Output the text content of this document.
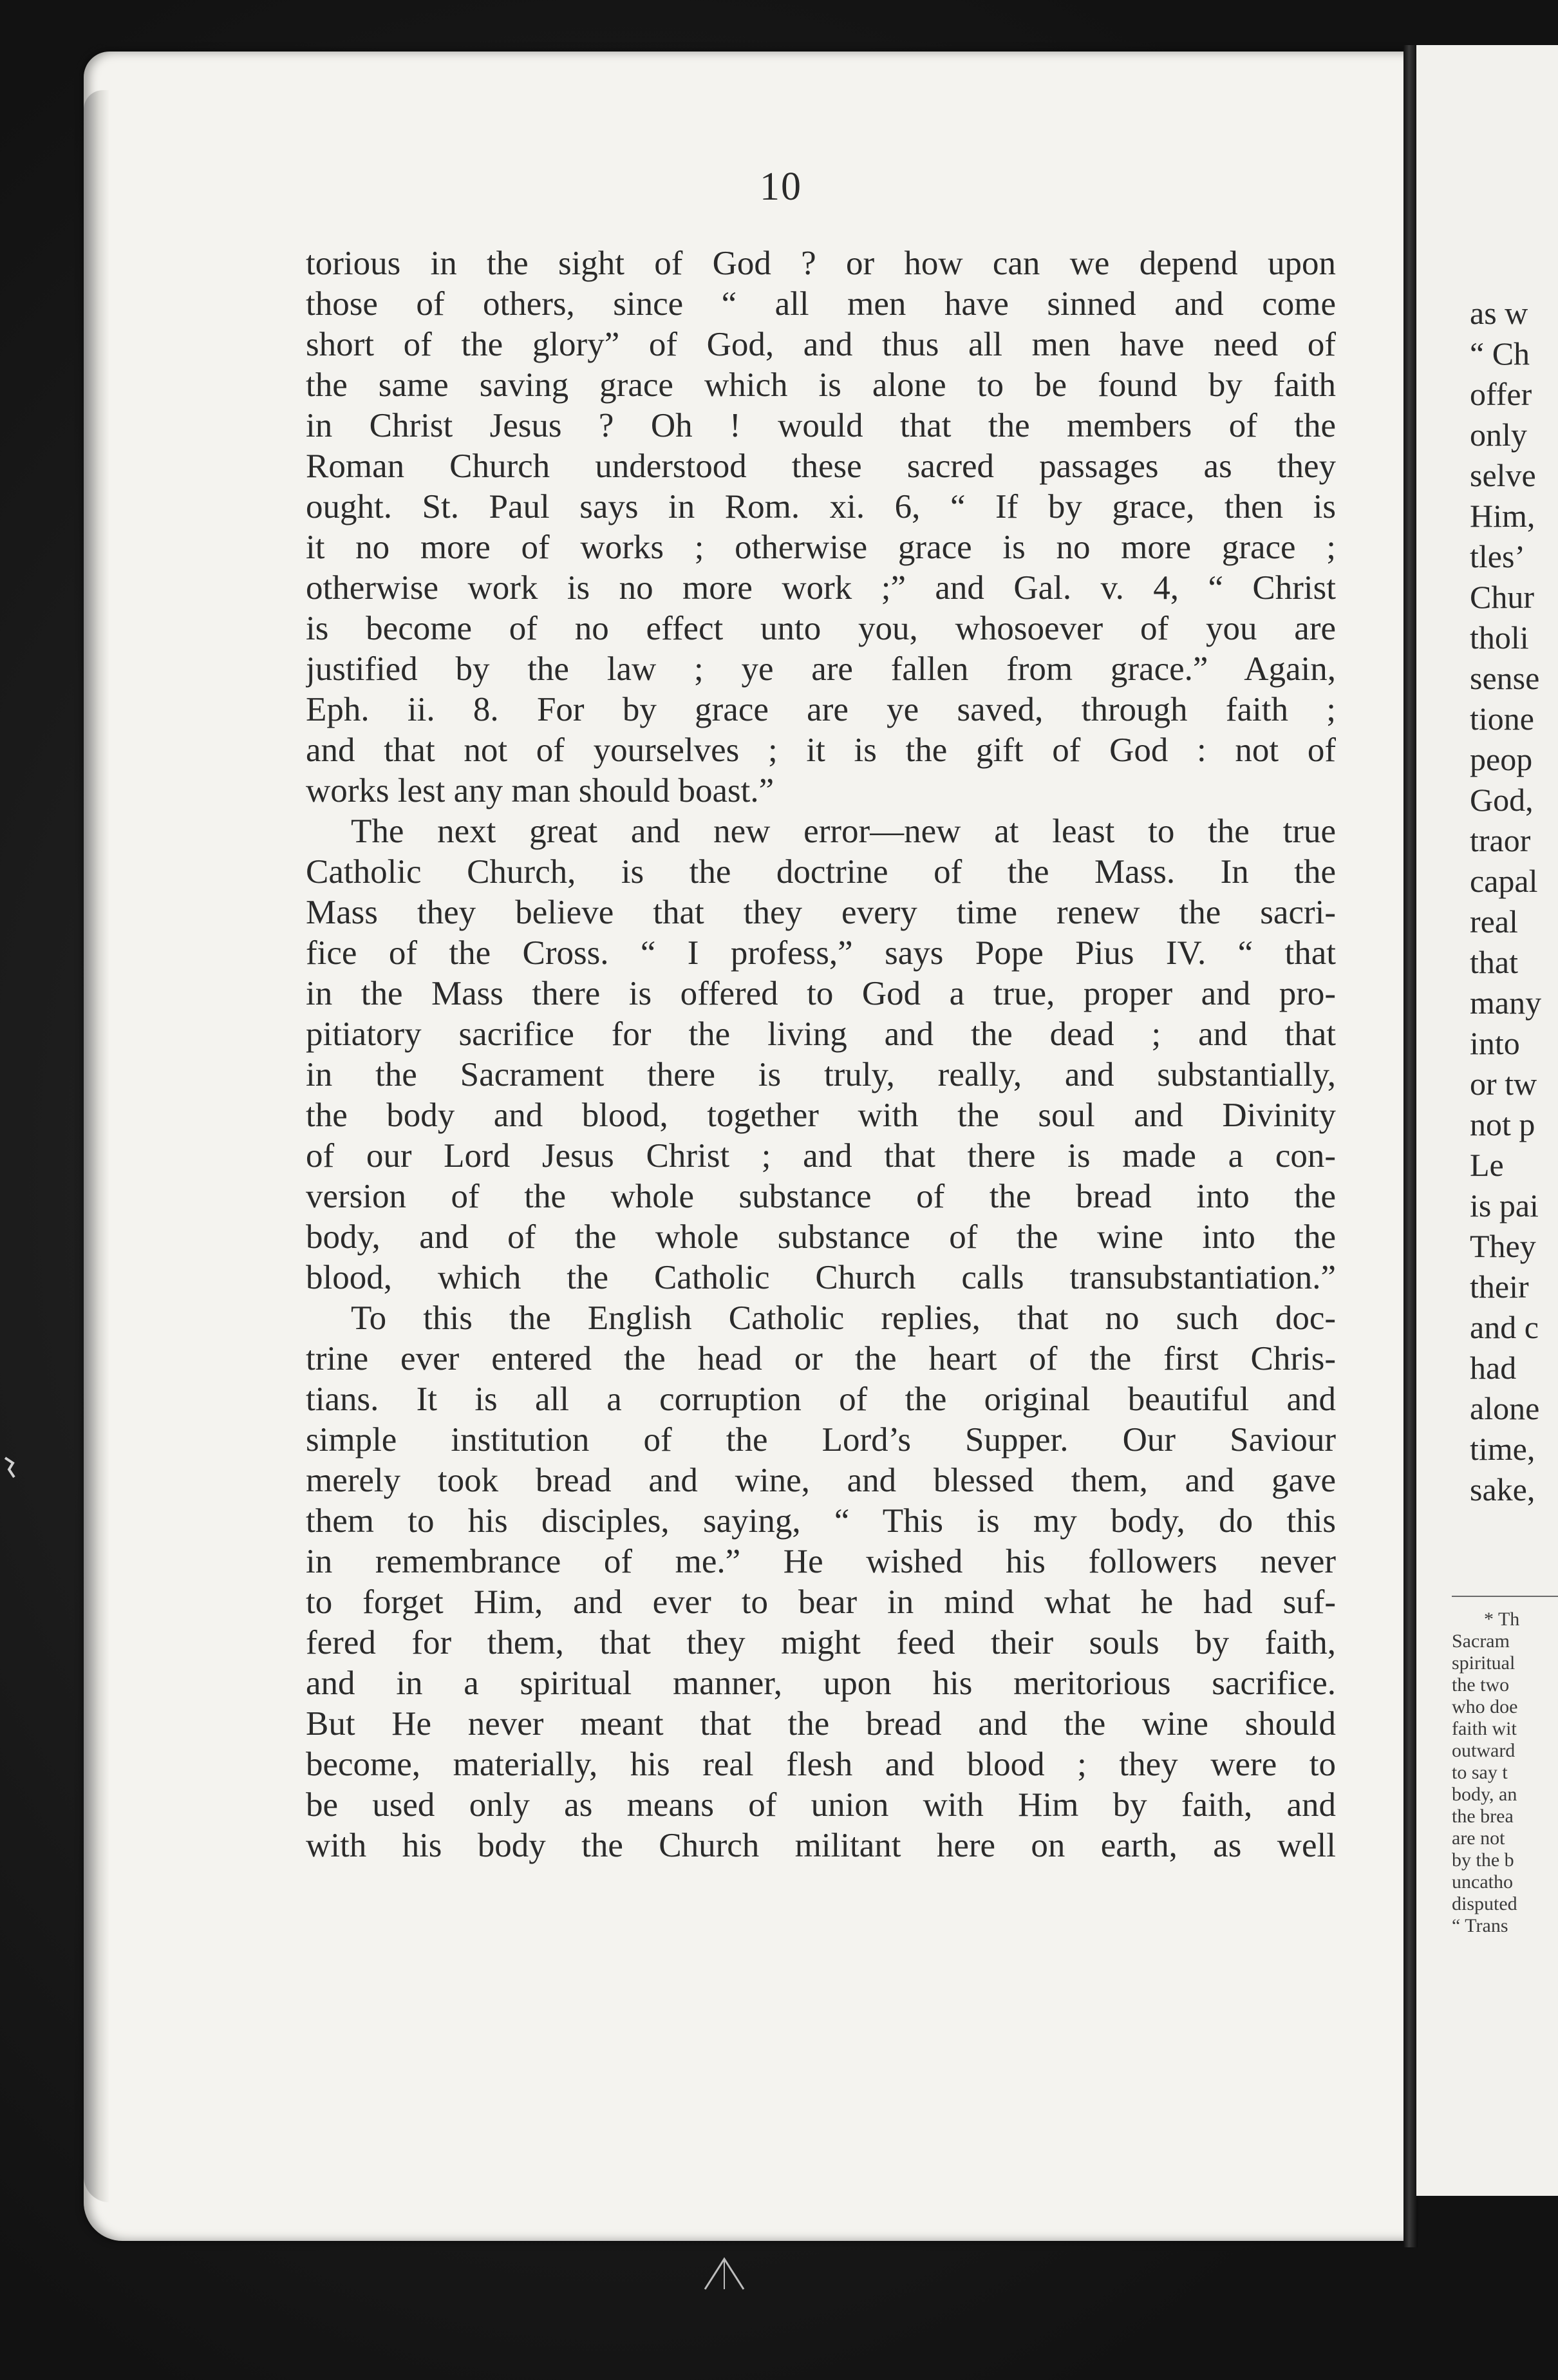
10
torious in the sight of God ? or how can we depend upon
those of others, since “ all men have sinned and come
short of the glory” of God, and thus all men have need of
the same saving grace which is alone to be found by faith
in Christ Jesus ? Oh ! would that the members of the
Roman Church understood these sacred passages as they
ought. St. Paul says in Rom. xi. 6, “ If by grace, then is
it no more of works ; otherwise grace is no more grace ;
otherwise work is no more work ;” and Gal. v. 4, “ Christ
is become of no effect unto you, whosoever of you are
justified by the law ; ye are fallen from grace.” Again,
Eph. ii. 8. For by grace are ye saved, through faith ;
and that not of yourselves ; it is the gift of God : not of
works lest any man should boast.”
The next great and new error—new at least to the true
Catholic Church, is the doctrine of the Mass. In the
Mass they believe that they every time renew the sacri-
fice of the Cross. “ I profess,” says Pope Pius IV. “ that
in the Mass there is offered to God a true, proper and pro-
pitiatory sacrifice for the living and the dead ; and that
in the Sacrament there is truly, really, and substantially,
the body and blood, together with the soul and Divinity
of our Lord Jesus Christ ; and that there is made a con-
version of the whole substance of the bread into the
body, and of the whole substance of the wine into the
blood, which the Catholic Church calls transubstantiation.”
To this the English Catholic replies, that no such doc-
trine ever entered the head or the heart of the first Chris-
tians. It is all a corruption of the original beautiful and
simple institution of the Lord’s Supper. Our Saviour
merely took bread and wine, and blessed them, and gave
them to his disciples, saying, “ This is my body, do this
in remembrance of me.” He wished his followers never
to forget Him, and ever to bear in mind what he had suf-
fered for them, that they might feed their souls by faith,
and in a spiritual manner, upon his meritorious sacrifice.
But He never meant that the bread and the wine should
become, materially, his real flesh and blood ; they were to
be used only as means of union with Him by faith, and
with his body the Church militant here on earth, as well
as w
“ Ch
offer
only
selve
Him,
tles’
Chur
tholi
sense
tione
peop
God,
traor
capal
real
that
many
into
or tw
not p
Le
is pai
They
their
and c
had
alone
time,
sake,
* Th
Sacram
spiritual
the two
who doe
faith wit
outward
to say t
body, an
the brea
are not
by the b
uncatho
disputed
“ Trans
